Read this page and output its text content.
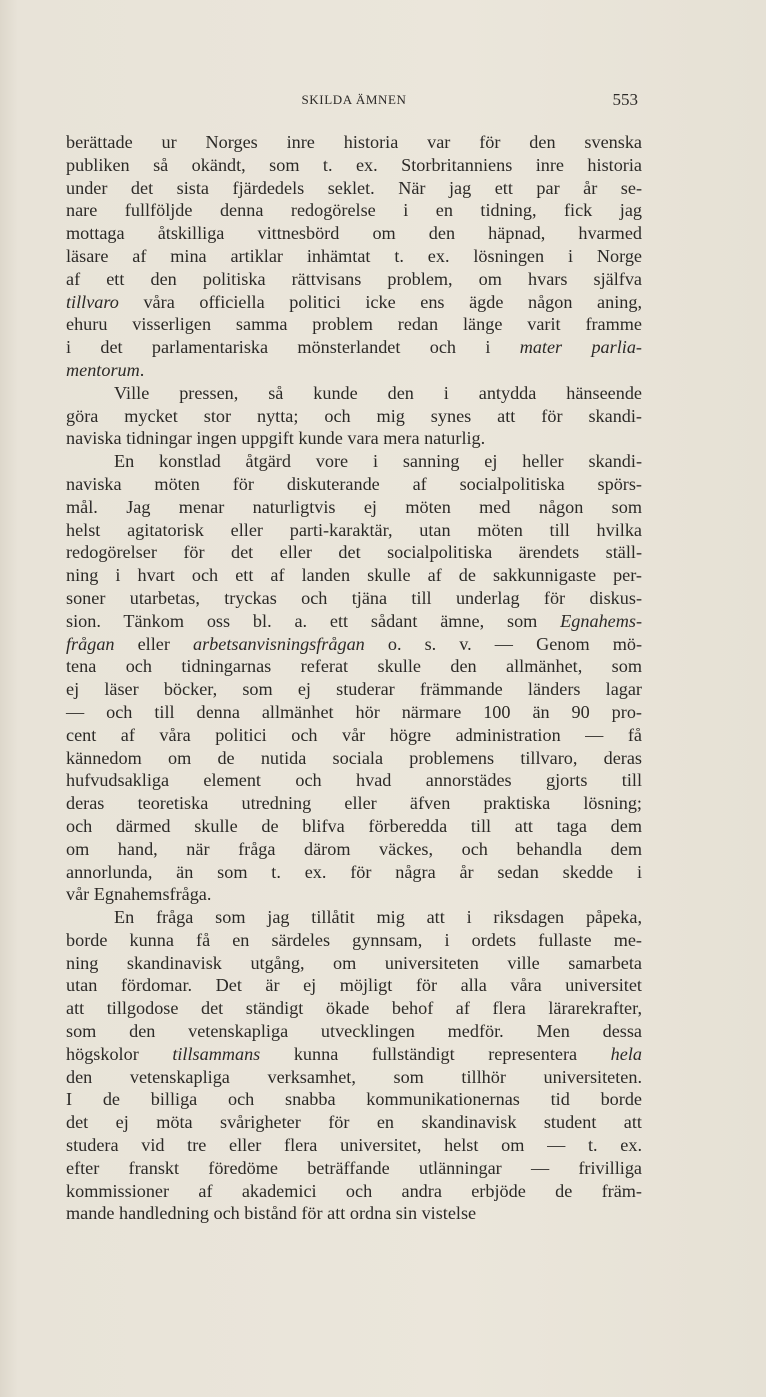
SKILDA ÄMNEN	553
berättade ur Norges inre historia var för den svenska
publiken så okändt, som t. ex. Storbritanniens inre historia
under det sista fjärdedels seklet. När jag ett par år se-
nare fullföljde denna redogörelse i en tidning, fick jag
mottaga åtskilliga vittnesbörd om den häpnad, hvarmed
läsare af mina artiklar inhämtat t. ex. lösningen i Norge
af ett den politiska rättvisans problem, om hvars själfva
tillvaro våra officiella politici icke ens ägde någon aning,
ehuru visserligen samma problem redan länge varit framme
i det parlamentariska mönsterlandet och i mater parlia-
mentorum.
Ville pressen, så kunde den i antydda hänseende
göra mycket stor nytta; och mig synes att för skandi-
naviska tidningar ingen uppgift kunde vara mera naturlig.
En konstlad åtgärd vore i sanning ej heller skandi-
naviska möten för diskuterande af socialpolitiska spörs-
mål. Jag menar naturligtvis ej möten med någon som
helst agitatorisk eller parti-karaktär, utan möten till hvilka
redogörelser för det eller det socialpolitiska ärendets ställ-
ning i hvart och ett af landen skulle af de sakkunnigaste per-
soner utarbetas, tryckas och tjäna till underlag för diskus-
sion. Tänkom oss bl. a. ett sådant ämne, som Egnahems-
frågan eller arbetsanvisningsfrågan o. s. v. — Genom mö-
tena och tidningarnas referat skulle den allmänhet, som
ej läser böcker, som ej studerar främmande länders lagar
— och till denna allmänhet hör närmare 100 än 90 pro-
cent af våra politici och vår högre administration — få
kännedom om de nutida sociala problemens tillvaro, deras
hufvudsakliga element och hvad annorstädes gjorts till
deras teoretiska utredning eller äfven praktiska lösning;
och därmed skulle de blifva förberedda till att taga dem
om hand, när fråga därom väckes, och behandla dem
annorlunda, än som t. ex. för några år sedan skedde i
vår Egnahemsfråga.
En fråga som jag tillåtit mig att i riksdagen påpeka,
borde kunna få en särdeles gynnsam, i ordets fullaste me-
ning skandinavisk utgång, om universiteten ville samarbeta
utan fördomar. Det är ej möjligt för alla våra universitet
att tillgodose det ständigt ökade behof af flera lärarekrafter,
som den vetenskapliga utvecklingen medför. Men dessa
högskolor tillsammans kunna fullständigt representera hela
den vetenskapliga verksamhet, som tillhör universiteten.
I de billiga och snabba kommunikationernas tid borde
det ej möta svårigheter för en skandinavisk student att
studera vid tre eller flera universitet, helst om — t. ex.
efter franskt föredöme beträffande utlänningar — frivilliga
kommissioner af akademici och andra erbjöde de främ-
mande handledning och bistånd för att ordna sin vistelse
